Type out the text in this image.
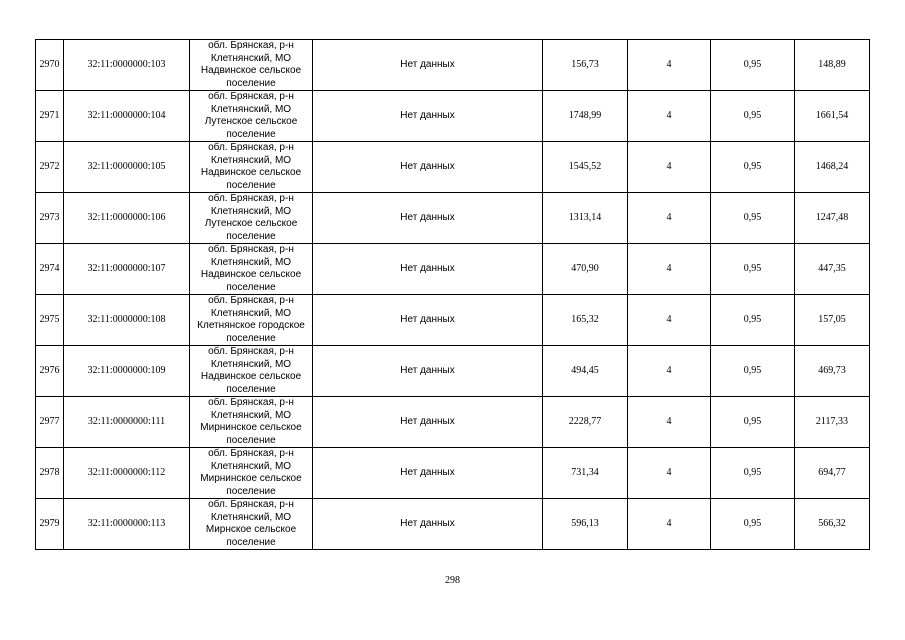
2970	32:11:0000000:103	обл. Брянская, р-н
Клетнянский, МО
Надвинское сельское
поселение	Нет данных	156,73	4	0,95	148,89
2971	32:11:0000000:104	обл. Брянская, р-н
Клетнянский, МО
Лутенское сельское
поселение	Нет данных	1748,99	4	0,95	1661,54
2972	32:11:0000000:105	обл. Брянская, р-н
Клетнянский, МО
Надвинское сельское
поселение	Нет данных	1545,52	4	0,95	1468,24
2973	32:11:0000000:106	обл. Брянская, р-н
Клетнянский, МО
Лутенское сельское
поселение	Нет данных	1313,14	4	0,95	1247,48
2974	32:11:0000000:107	обл. Брянская, р-н
Клетнянский, МО
Надвинское сельское
поселение	Нет данных	470,90	4	0,95	447,35
2975	32:11:0000000:108	обл. Брянская, р-н
Клетнянский, МО
Клетнянское городское
поселение	Нет данных	165,32	4	0,95	157,05
2976	32:11:0000000:109	обл. Брянская, р-н
Клетнянский, МО
Надвинское сельское
поселение	Нет данных	494,45	4	0,95	469,73
2977	32:11:0000000:111	обл. Брянская, р-н
Клетнянский, МО
Мирнинское сельское
поселение	Нет данных	2228,77	4	0,95	2117,33
2978	32:11:0000000:112	обл. Брянская, р-н
Клетнянский, МО
Мирнинское сельское
поселение	Нет данных	731,34	4	0,95	694,77
2979	32:11:0000000:113	обл. Брянская, р-н
Клетнянский, МО
Мирнское сельское
поселение	Нет данных	596,13	4	0,95	566,32
298
